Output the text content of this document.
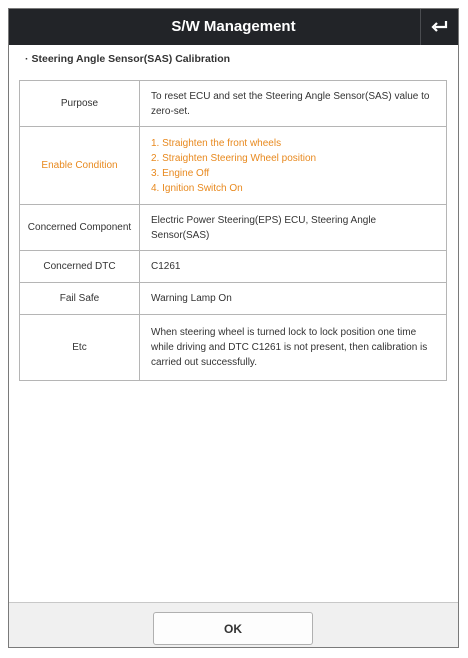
S/W Management
· Steering Angle Sensor(SAS) Calibration
Purpose	To reset ECU and set the Steering Angle Sensor(SAS) value to zero-set.

Enable Condition	1. Straighten the front wheels
2. Straighten Steering Wheel position
3. Engine Off
4. Ignition Switch On

Concerned Component	Electric Power Steering(EPS) ECU, Steering Angle Sensor(SAS)

Concerned DTC	C1261

Fail Safe	Warning Lamp On

Etc	When steering wheel is turned lock to lock position one time while driving and DTC C1261 is not present, then calibration is carried out successfully.
OK
